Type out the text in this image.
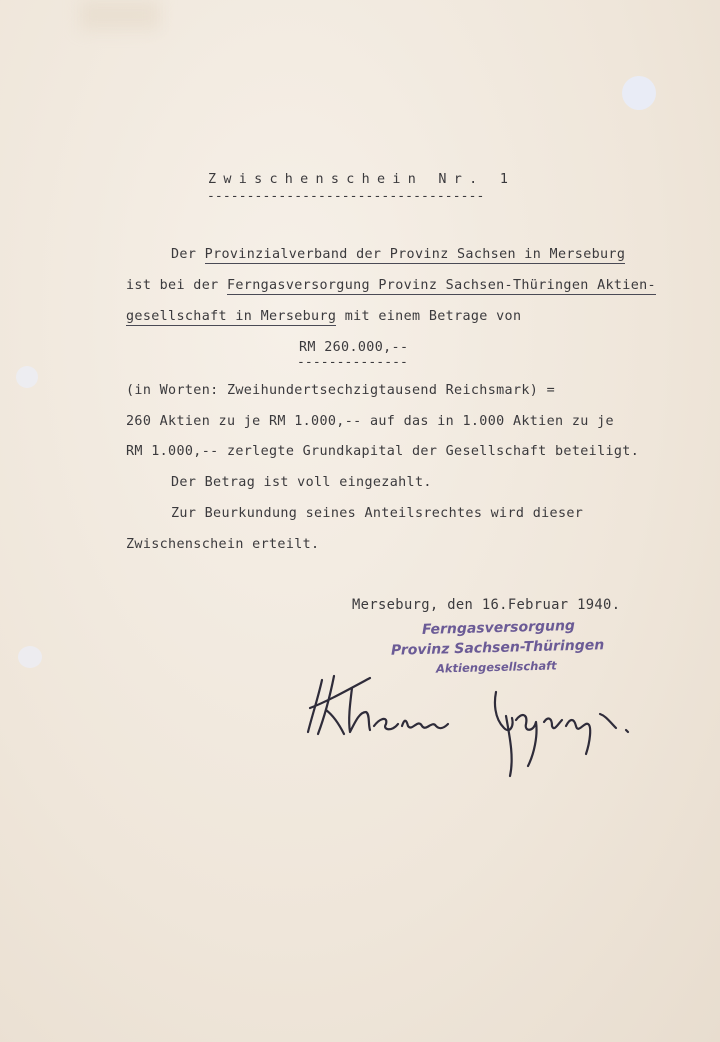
Zwischenschein Nr. 1
-----------------------------------
Der Provinzialverband der Provinz Sachsen in Merseburg
ist bei der Ferngasversorgung Provinz Sachsen-Thüringen Aktien-
gesellschaft in Merseburg mit einem Betrage von
RM 260.000,--
--------------
(in Worten: Zweihundertsechzigtausend Reichsmark) =
260 Aktien zu je RM 1.000,-- auf das in 1.000 Aktien zu je
RM 1.000,-- zerlegte Grundkapital der Gesellschaft beteiligt.
Der Betrag ist voll eingezahlt.
Zur Beurkundung seines Anteilsrechtes wird dieser
Zwischenschein erteilt.
Merseburg, den 16.Februar 1940.
Ferngasversorgung
Provinz Sachsen-Thüringen
Aktiengesellschaft
